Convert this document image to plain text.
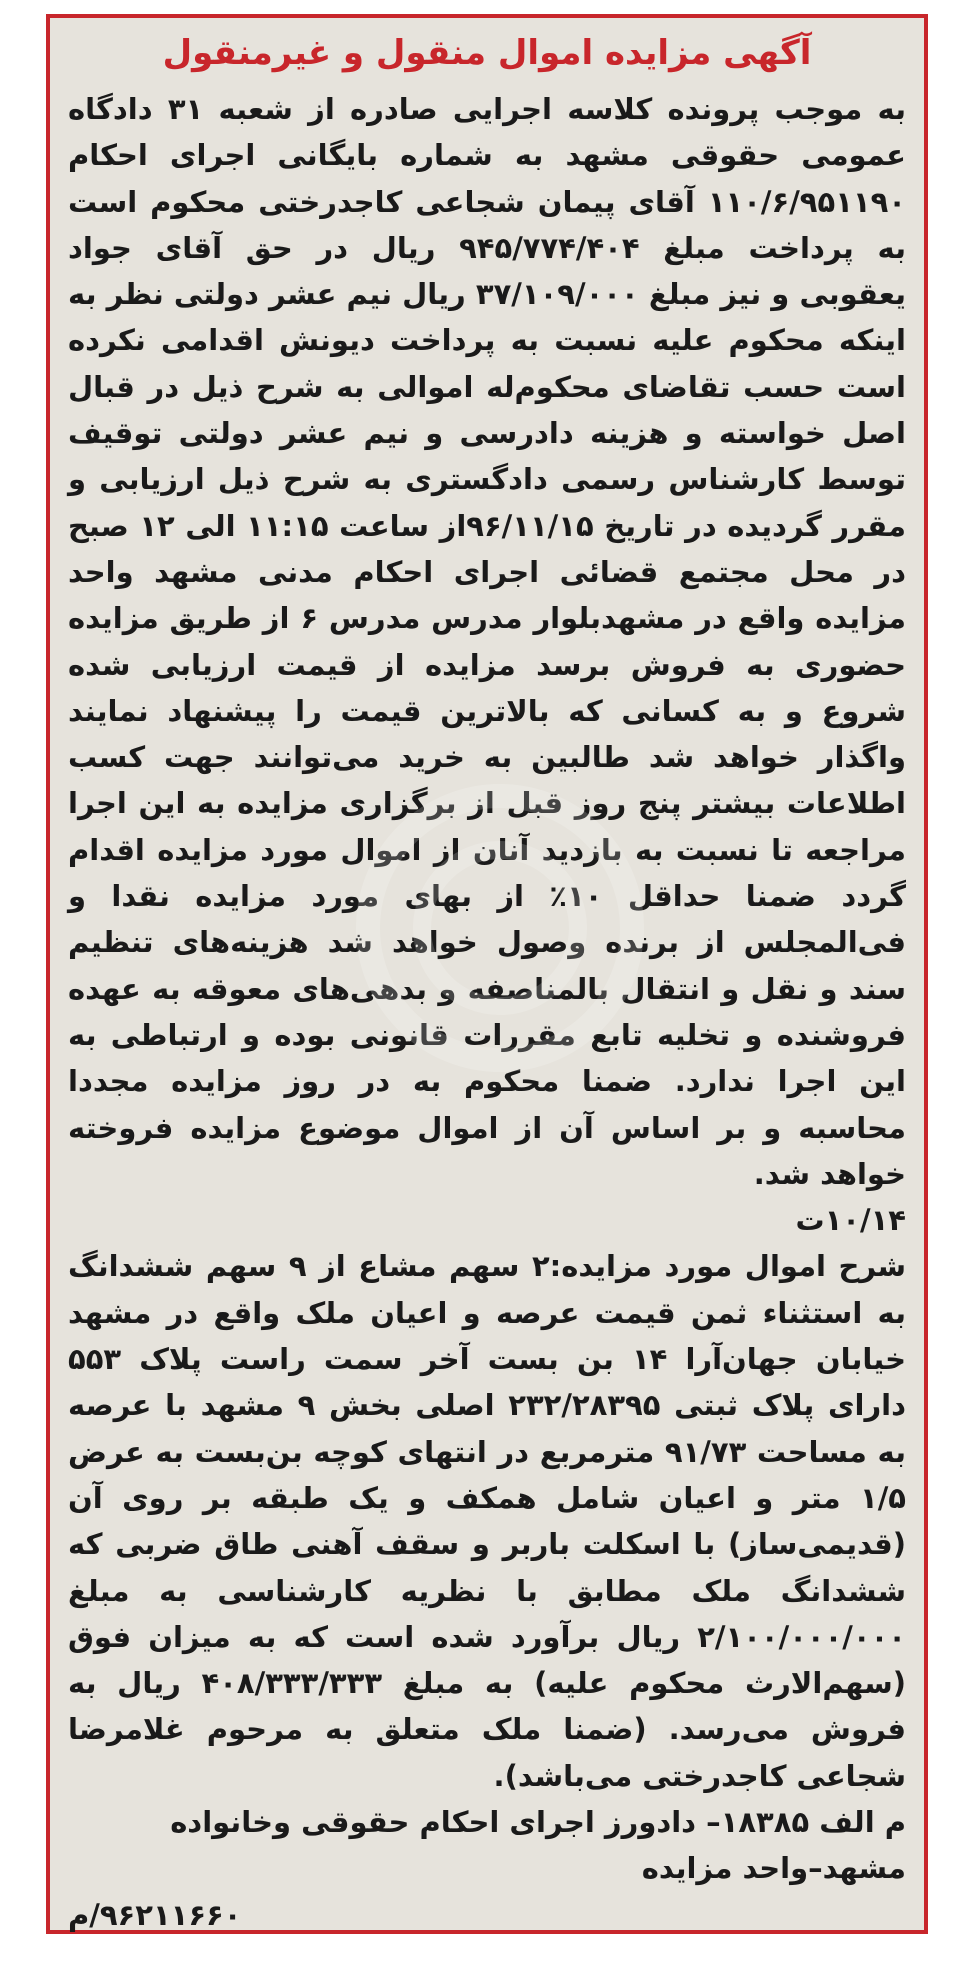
آگهی مزایده اموال منقول و غیرمنقول

به موجب پرونده کلاسه اجرایی صادره از شعبه ۳۱ دادگاه عمومی حقوقی مشهد به شماره بایگانی اجرای احکام ۱۱۰/۶/۹۵۱۱۹۰ آقای پیمان شجاعی کاجدرختی محکوم است به پرداخت مبلغ ۹۴۵/۷۷۴/۴۰۴ ریال در حق آقای جواد یعقوبی و نیز مبلغ ۳۷/۱۰۹/۰۰۰ ریال نیم عشر دولتی نظر به اینکه محکوم علیه نسبت به پرداخت دیونش اقدامی نکرده است حسب تقاضای محکوم‌له اموالی به شرح ذیل در قبال اصل خواسته و هزینه دادرسی و نیم عشر دولتی توقیف توسط کارشناس رسمی دادگستری به شرح ذیل ارزیابی و مقرر گردیده در تاریخ ۹۶/۱۱/۱۵از ساعت ۱۱:۱۵ الی ۱۲ صبح در محل مجتمع قضائی اجرای احکام مدنی مشهد واحد مزایده واقع در مشهدبلوار مدرس مدرس ۶ از طریق مزایده حضوری به فروش برسد مزایده از قیمت ارزیابی شده شروع و به کسانی که بالاترین قیمت را پیشنهاد نمایند واگذار خواهد شد طالبین به خرید می‌توانند جهت کسب اطلاعات بیشتر پنج روز قبل از برگزاری مزایده به این اجرا مراجعه تا نسبت به بازدید آنان از اموال مورد مزایده اقدام گردد ضمنا حداقل ۱۰٪ از بهای مورد مزایده نقدا و فی‌المجلس از برنده وصول خواهد شد هزینه‌های تنظیم سند و نقل و انتقال بالمناصفه و بدهی‌های معوقه به عهده فروشنده و تخلیه تابع مقررات قانونی بوده و ارتباطی به این اجرا ندارد. ضمنا محکوم به در روز مزایده مجددا محاسبه و بر اساس آن از اموال موضوع مزایده فروخته خواهد شد.
۱۰/۱۴ت
شرح اموال مورد مزایده:۲ سهم مشاع از ۹ سهم ششدانگ به استثناء ثمن قیمت عرصه و اعیان ملک واقع در مشهد خیابان جهان‌آرا ۱۴ بن بست آخر سمت راست پلاک ۵۵۳ دارای پلاک ثبتی ۲۳۲/۲۸۳۹۵ اصلی بخش ۹ مشهد با عرصه به مساحت ۹۱/۷۳ مترمربع در انتهای کوچه بن‌بست به عرض ۱/۵ متر و اعیان شامل همکف و یک طبقه بر روی آن (قدیمی‌ساز) با اسکلت باربر و سقف آهنی طاق ضربی که ششدانگ ملک مطابق با نظریه کارشناسی به مبلغ ۲/۱۰۰/۰۰۰/۰۰۰ ریال برآورد شده است که به میزان فوق (سهم‌الارث محکوم علیه) به مبلغ ۴۰۸/۳۳۳/۳۳۳ ریال به فروش می‌رسد. (ضمنا ملک متعلق به مرحوم غلامرضا شجاعی کاجدرختی می‌باشد).

م الف ۱۸۳۸۵– دادورز اجرای احکام حقوقی وخانواده مشهد–واحد مزایده
۹۶۲۱۱۶۶۰/م
